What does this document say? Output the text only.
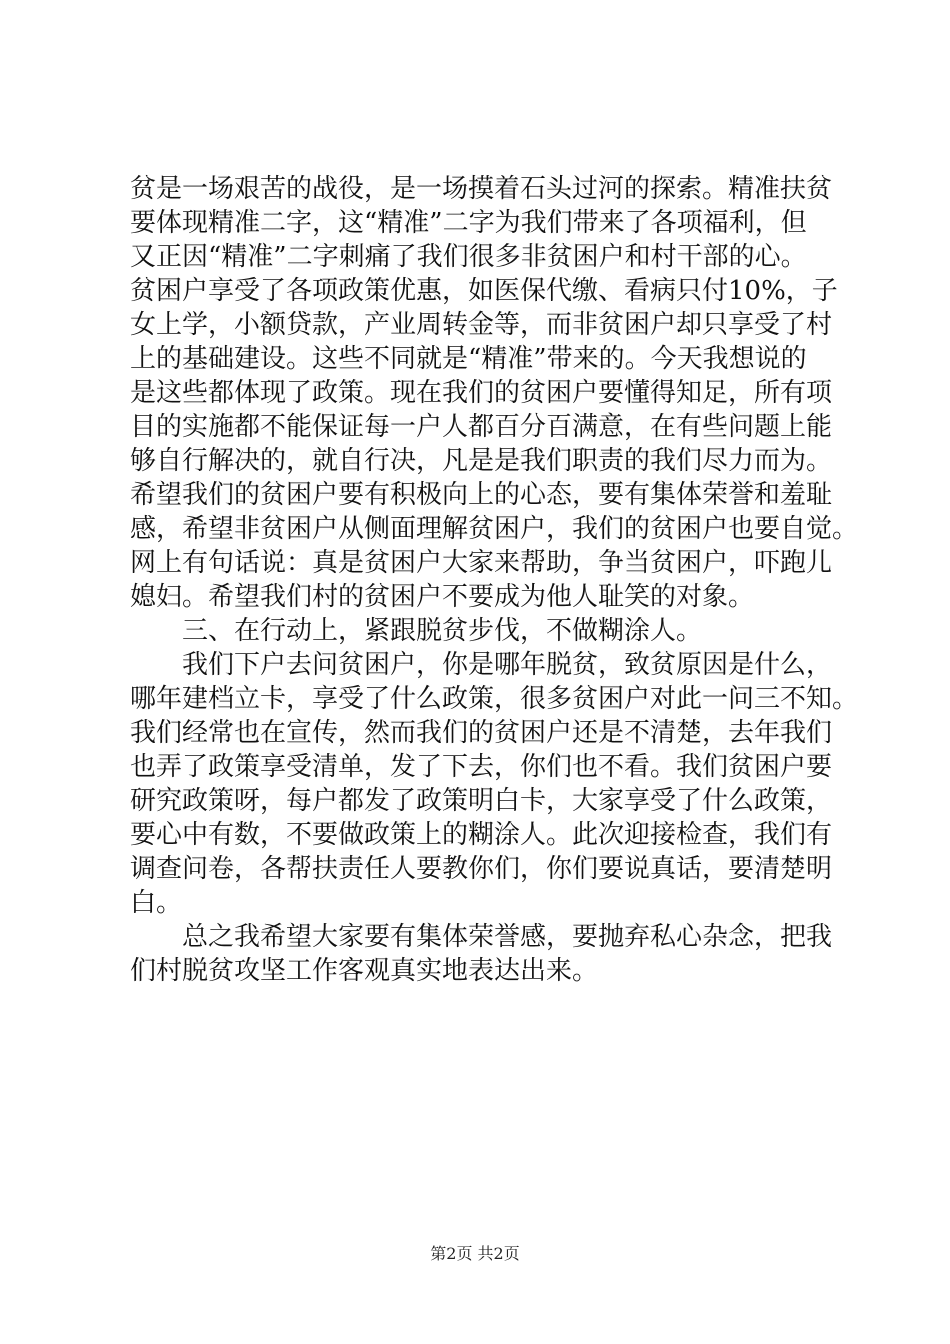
贫是一场艰苦的战役，是一场摸着石头过河的探索。精准扶贫
要体现精准二字，这“精准”二字为我们带来了各项福利，但
又正因“精准”二字刺痛了我们很多非贫困户和村干部的心。
贫困户享受了各项政策优惠，如医保代缴、看病只付10%，子
女上学，小额贷款，产业周转金等，而非贫困户却只享受了村
上的基础建设。这些不同就是“精准”带来的。今天我想说的
是这些都体现了政策。现在我们的贫困户要懂得知足，所有项
目的实施都不能保证每一户人都百分百满意，在有些问题上能
够自行解决的，就自行决，凡是是我们职责的我们尽力而为。
希望我们的贫困户要有积极向上的心态，要有集体荣誉和羞耻
感，希望非贫困户从侧面理解贫困户，我们的贫困户也要自觉。
网上有句话说：真是贫困户大家来帮助，争当贫困户，吓跑儿
媳妇。希望我们村的贫困户不要成为他人耻笑的对象。
三、在行动上，紧跟脱贫步伐，不做糊涂人。
我们下户去问贫困户，你是哪年脱贫，致贫原因是什么，
哪年建档立卡，享受了什么政策，很多贫困户对此一问三不知。
我们经常也在宣传，然而我们的贫困户还是不清楚，去年我们
也弄了政策享受清单，发了下去，你们也不看。我们贫困户要
研究政策呀，每户都发了政策明白卡，大家享受了什么政策，
要心中有数，不要做政策上的糊涂人。此次迎接检查，我们有
调查问卷，各帮扶责任人要教你们，你们要说真话，要清楚明
白。
总之我希望大家要有集体荣誉感，要抛弃私心杂念，把我
们村脱贫攻坚工作客观真实地表达出来。
第2页 共2页
